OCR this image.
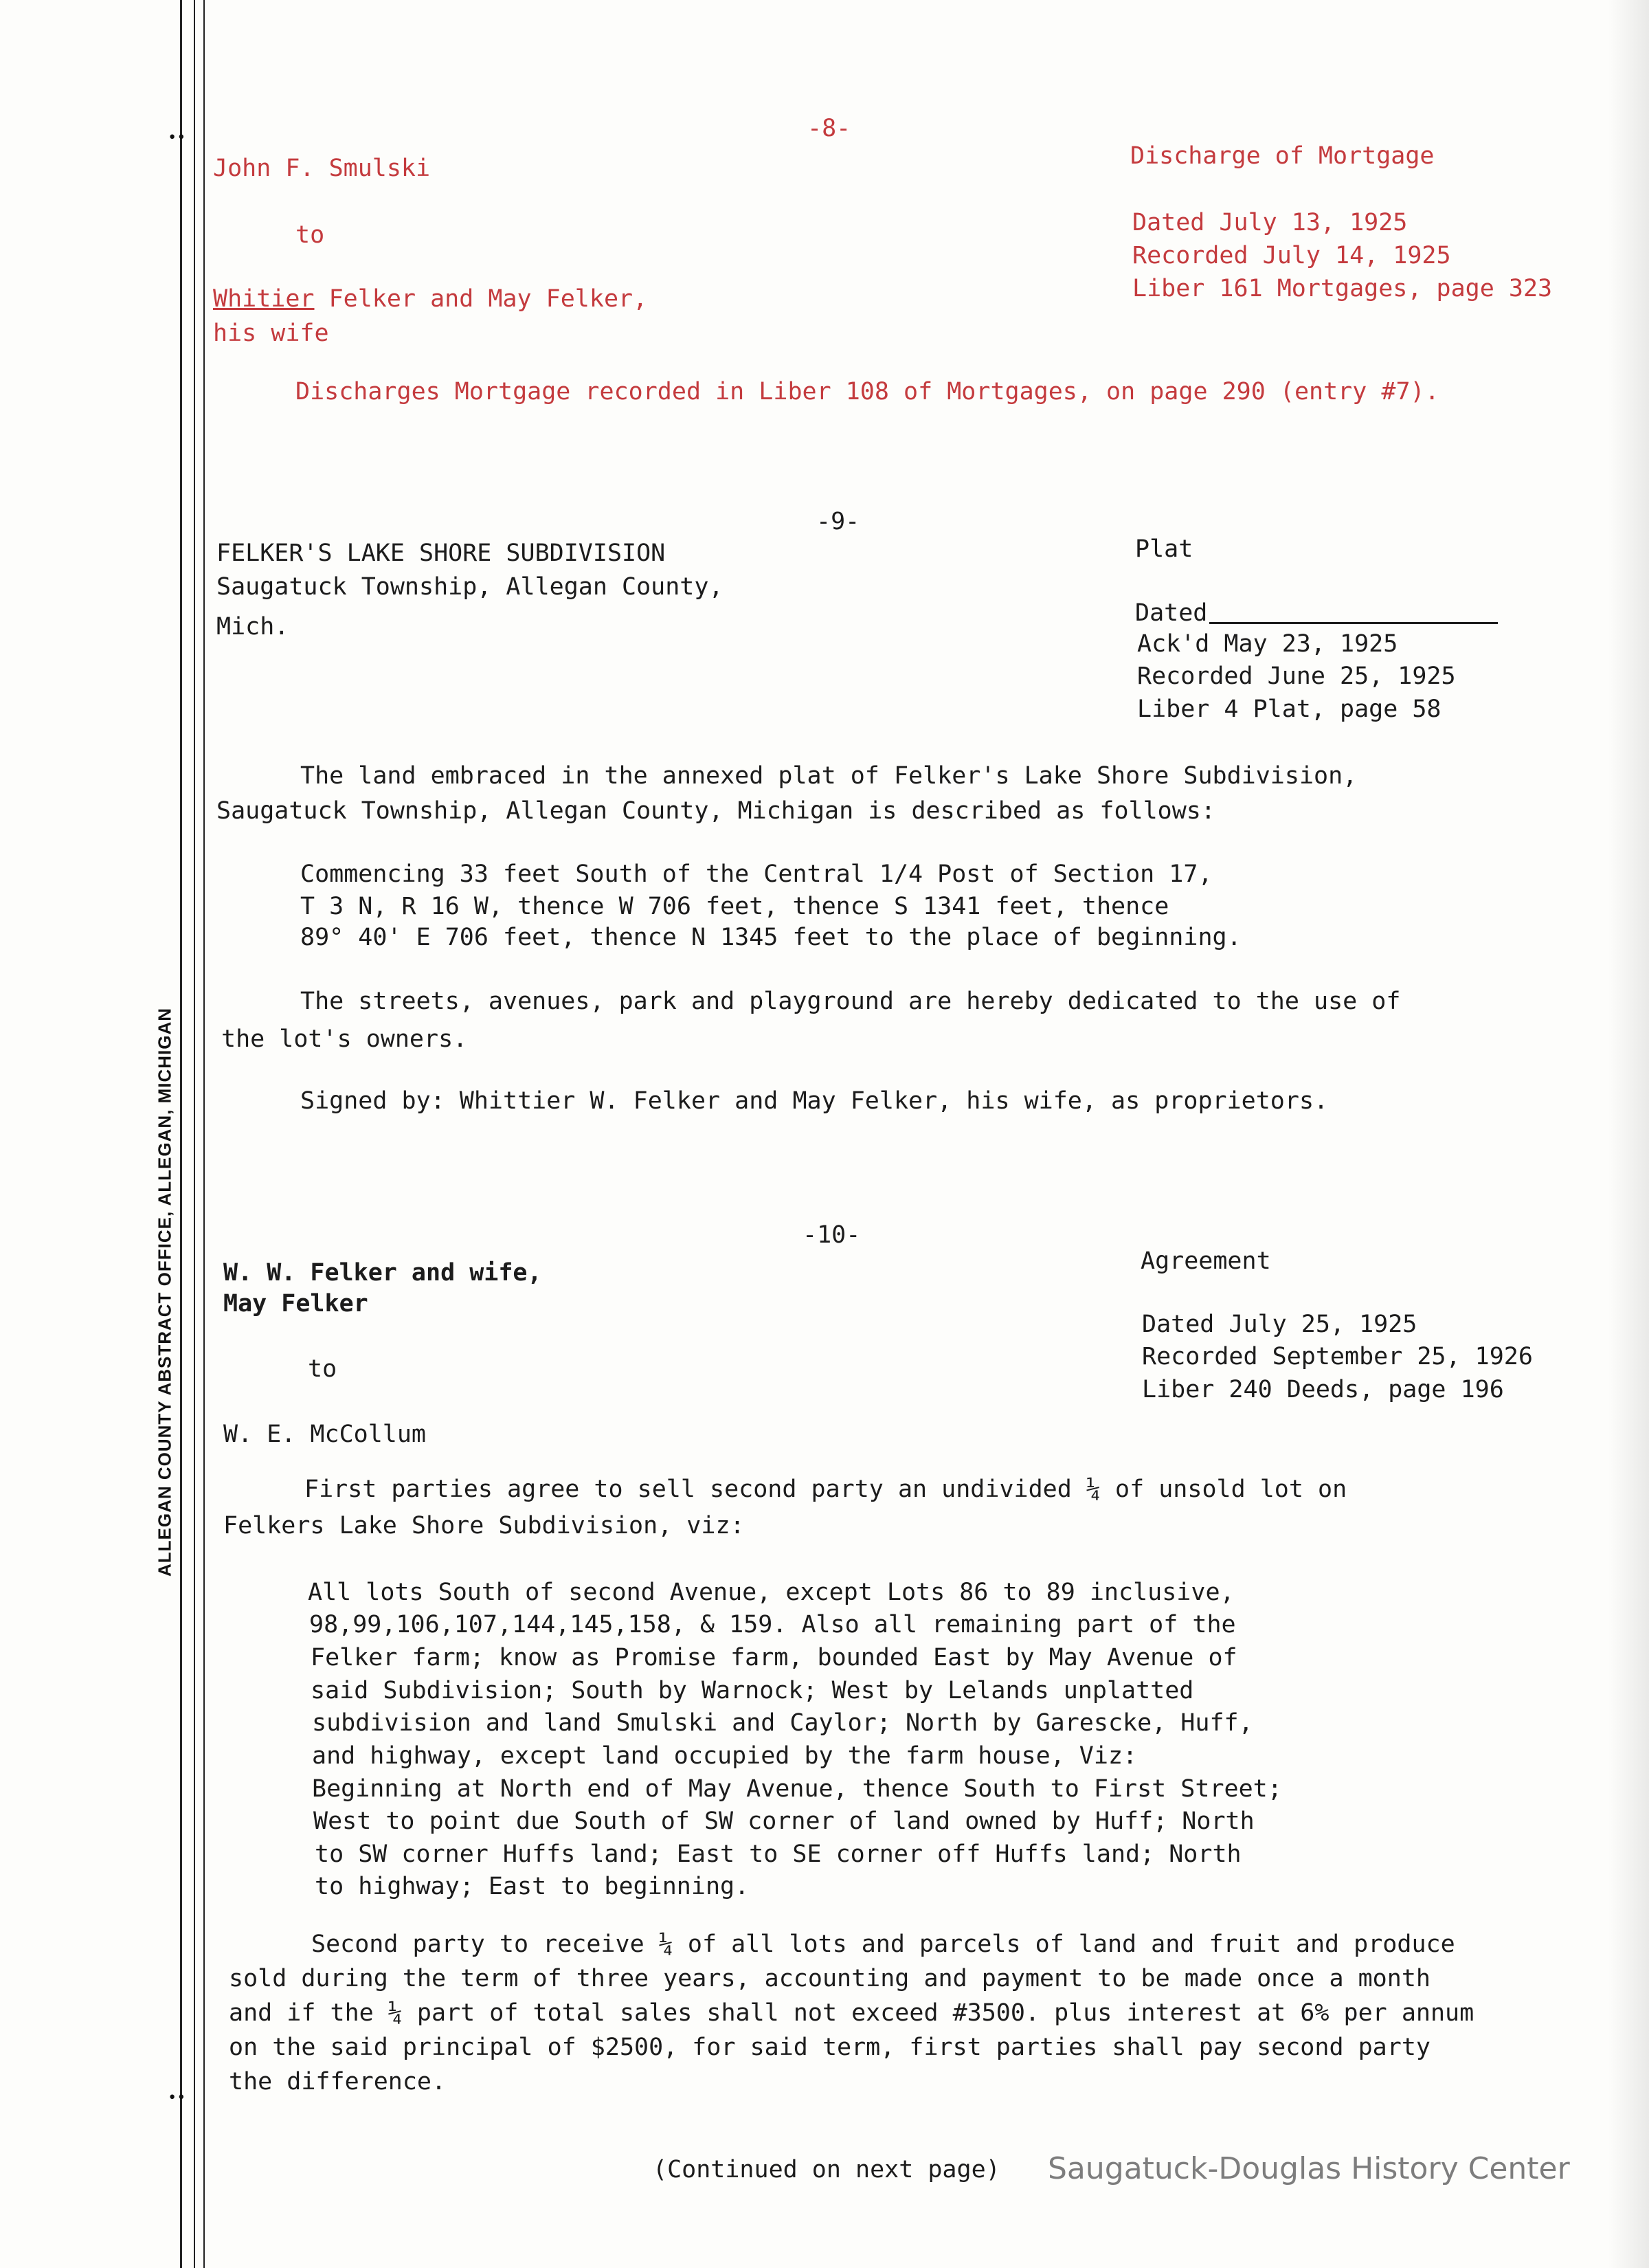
••
••
ALLEGAN COUNTY ABSTRACT OFFICE, ALLEGAN, MICHIGAN
-8-
John F. Smulski
to
Whitier Felker and May Felker,
his wife
Discharge of Mortgage
Dated July 13, 1925
Recorded July 14, 1925
Liber 161 Mortgages, page 323
Discharges Mortgage recorded in Liber 108 of Mortgages, on page 290 (entry #7).
-9-
FELKER'S LAKE SHORE SUBDIVISION
Saugatuck Township, Allegan County,
Mich.
Plat
Dated
Ack'd May 23, 1925
Recorded June 25, 1925
Liber 4 Plat, page 58
The land embraced in the annexed plat of Felker's Lake Shore Subdivision,
Saugatuck Township, Allegan County, Michigan is described as follows:
Commencing 33 feet South of the Central 1/4 Post of Section 17,
T 3 N, R 16 W, thence W 706 feet, thence S 1341 feet, thence
89° 40' E 706 feet, thence N 1345 feet to the place of beginning.
The streets, avenues, park and playground are hereby dedicated to the use of
the lot's owners.
Signed by: Whittier W. Felker and May Felker, his wife, as proprietors.
-10-
W. W. Felker and wife,
May Felker
to
W. E. McCollum
Agreement
Dated July 25, 1925
Recorded September 25, 1926
Liber 240 Deeds, page 196
First parties agree to sell second party an undivided ¼ of unsold lot on
Felkers Lake Shore Subdivision, viz:
All lots South of second Avenue, except Lots 86 to 89 inclusive,
98,99,106,107,144,145,158, & 159. Also all remaining part of the
Felker farm; know as Promise farm, bounded East by May Avenue of
said Subdivision; South by Warnock; West by Lelands unplatted
subdivision and land Smulski and Caylor; North by Garescke, Huff,
and highway, except land occupied by the farm house, Viz:
Beginning at North end of May Avenue, thence South to First Street;
West to point due South of SW corner of land owned by Huff; North
to SW corner Huffs land; East to SE corner off Huffs land; North
to highway; East to beginning.
Second party to receive ¼ of all lots and parcels of land and fruit and produce
sold during the term of three years, accounting and payment to be made once a month
and if the ¼ part of total sales shall not exceed #3500. plus interest at 6% per annum
on the said principal of $2500, for said term, first parties shall pay second party
the difference.
(Continued on next page) Saugatuck-Douglas History Center
